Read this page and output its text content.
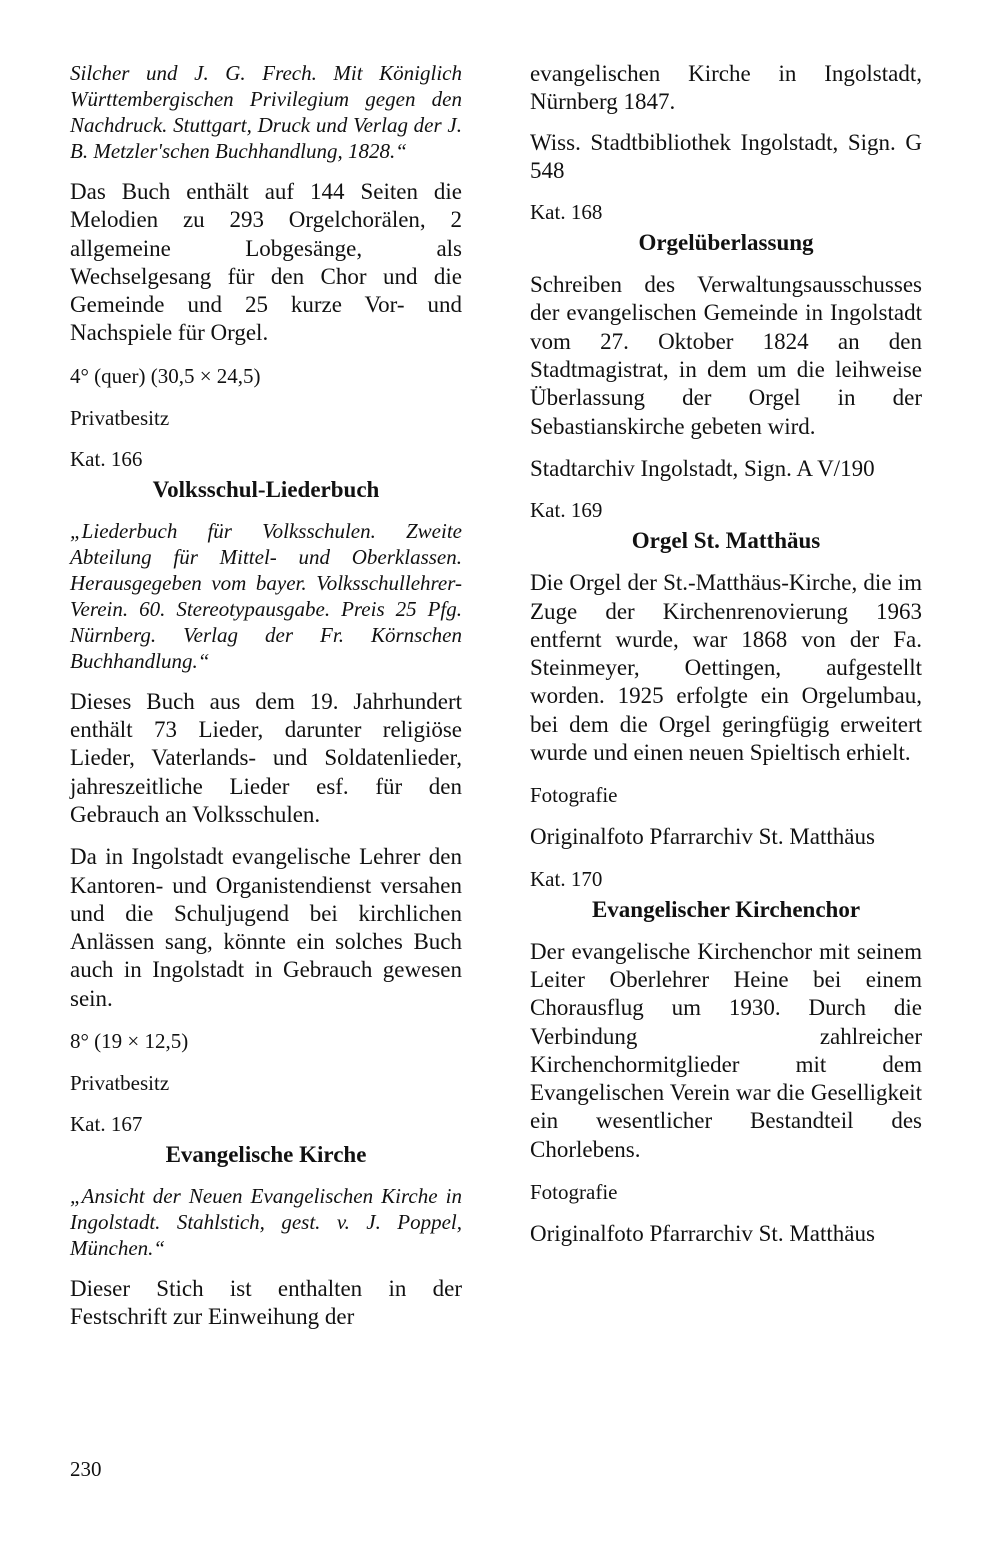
Silcher und J. G. Frech. Mit Königlich Württembergischen Privilegium gegen den Nachdruck. Stuttgart, Druck und Verlag der J. B. Metzler'schen Buchhandlung, 1828.“
Das Buch enthält auf 144 Seiten die Melodien zu 293 Orgelchorälen, 2 allgemeine Lobgesänge, als Wechselgesang für den Chor und die Gemeinde und 25 kurze Vor- und Nachspiele für Orgel.
4° (quer) (30,5 × 24,5)
Privatbesitz
Kat. 166
Volksschul-Liederbuch
„Liederbuch für Volksschulen. Zweite Abteilung für Mittel- und Oberklassen. Herausgegeben vom bayer. Volksschullehrer-Verein. 60. Stereotypausgabe. Preis 25 Pfg. Nürnberg. Verlag der Fr. Körnschen Buchhandlung.“
Dieses Buch aus dem 19. Jahrhundert enthält 73 Lieder, darunter religiöse Lieder, Vaterlands- und Soldatenlieder, jahreszeitliche Lieder esf. für den Gebrauch an Volksschulen.
Da in Ingolstadt evangelische Lehrer den Kantoren- und Organistendienst versahen und die Schuljugend bei kirchlichen Anlässen sang, könnte ein solches Buch auch in Ingolstadt in Gebrauch gewesen sein.
8° (19 × 12,5)
Privatbesitz
Kat. 167
Evangelische Kirche
„Ansicht der Neuen Evangelischen Kirche in Ingolstadt. Stahlstich, gest. v. J. Poppel, München.“
Dieser Stich ist enthalten in der Festschrift zur Einweihung der
evangelischen Kirche in Ingolstadt, Nürnberg 1847.
Wiss. Stadtbibliothek Ingolstadt, Sign. G 548
Kat. 168
Orgelüberlassung
Schreiben des Verwaltungsausschusses der evangelischen Gemeinde in Ingolstadt vom 27. Oktober 1824 an den Stadtmagistrat, in dem um die leihweise Überlassung der Orgel in der Sebastianskirche gebeten wird.
Stadtarchiv Ingolstadt, Sign. A V/190
Kat. 169
Orgel St. Matthäus
Die Orgel der St.-Matthäus-Kirche, die im Zuge der Kirchenrenovierung 1963 entfernt wurde, war 1868 von der Fa. Steinmeyer, Oettingen, aufgestellt worden. 1925 erfolgte ein Orgelumbau, bei dem die Orgel geringfügig erweitert wurde und einen neuen Spieltisch erhielt.
Fotografie
Originalfoto Pfarrarchiv St. Matthäus
Kat. 170
Evangelischer Kirchenchor
Der evangelische Kirchenchor mit seinem Leiter Oberlehrer Heine bei einem Chorausflug um 1930. Durch die Verbindung zahlreicher Kirchenchormitglieder mit dem Evangelischen Verein war die Geselligkeit ein wesentlicher Bestandteil des Chorlebens.
Fotografie
Originalfoto Pfarrarchiv St. Matthäus
230
